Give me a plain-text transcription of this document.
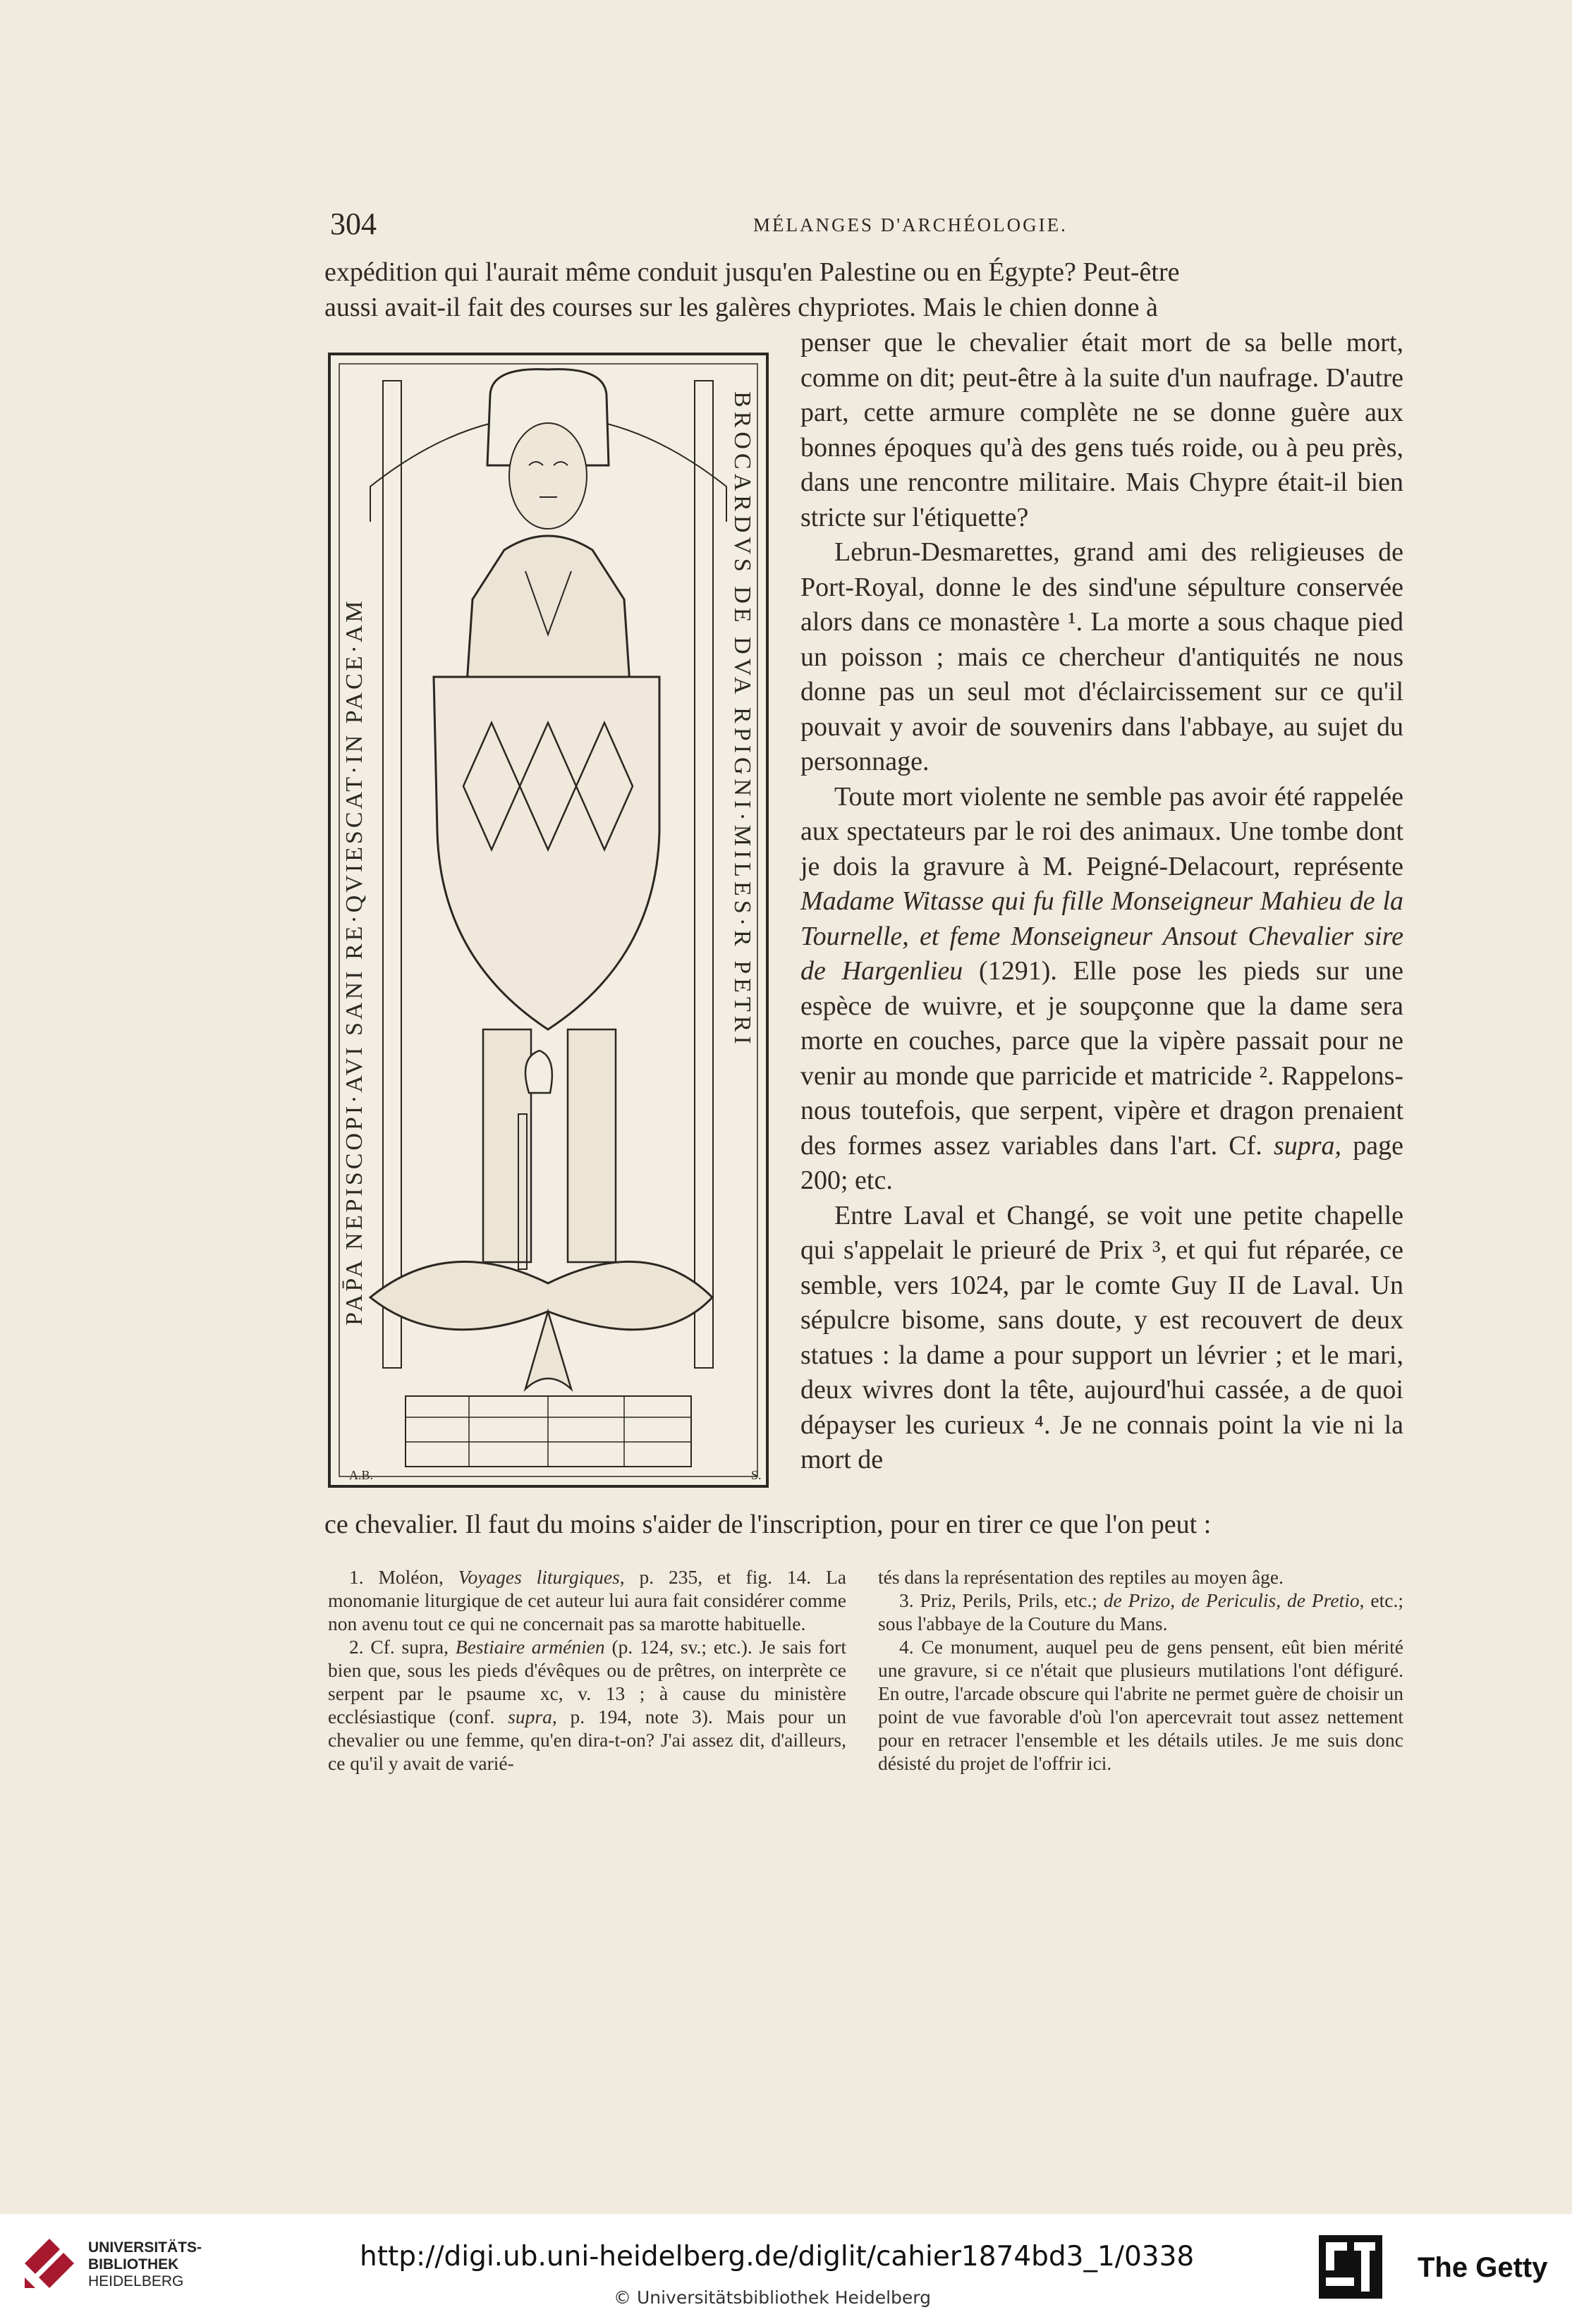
304	MÉLANGES D'ARCHÉOLOGIE.
expédition qui l'aurait même conduit jusqu'en Palestine ou en Égypte? Peut-être
aussi avait-il fait des courses sur les galères chypriotes. Mais le chien donne à
PAP̄A NEPISCOPI·AVI SANI RE·QVIESCAT·IN PACE·AM	BROCARDVS DE DVA RPIGNI·MILES·R PETRI
A.B.	S.
penser que le chevalier était mort de sa belle mort, comme on dit; peut-être à la suite d'un naufrage. D'autre part, cette armure complète ne se donne guère aux bonnes époques qu'à des gens tués roide, ou à peu près, dans une rencontre militaire. Mais Chypre était-il bien stricte sur l'étiquette?
Lebrun-Desmarettes, grand ami des religieuses de Port-Royal, donne le des sind'une sépulture conservée alors dans ce monastère ¹. La morte a sous chaque pied un poisson ; mais ce chercheur d'antiquités ne nous donne pas un seul mot d'éclaircissement sur ce qu'il pouvait y avoir de souvenirs dans l'abbaye, au sujet du personnage.
Toute mort violente ne semble pas avoir été rappelée aux spectateurs par le roi des animaux. Une tombe dont je dois la gravure à M. Peigné-Delacourt, représente Madame Witasse qui fu fille Monseigneur Mahieu de la Tournelle, et feme Monseigneur Ansout Chevalier sire de Hargenlieu (1291). Elle pose les pieds sur une espèce de wuivre, et je soupçonne que la dame sera morte en couches, parce que la vipère passait pour ne venir au monde que parricide et matricide ². Rappelons-nous toutefois, que serpent, vipère et dragon prenaient des formes assez variables dans l'art. Cf. supra, page 200; etc.
Entre Laval et Changé, se voit une petite chapelle qui s'appelait le prieuré de Prix ³, et qui fut réparée, ce semble, vers 1024, par le comte Guy II de Laval. Un sépulcre bisome, sans doute, y est recouvert de deux statues : la dame a pour support un lévrier ; et le mari, deux wivres dont la tête, aujourd'hui cassée, a de quoi dépayser les curieux ⁴. Je ne connais point la vie ni la mort de
ce chevalier. Il faut du moins s'aider de l'inscription, pour en tirer ce que l'on peut :

1. Moléon, Voyages liturgiques, p. 235, et fig. 14. La monomanie liturgique de cet auteur lui aura fait considérer comme non avenu tout ce qui ne concernait pas sa marotte habituelle.

2. Cf. supra, Bestiaire arménien (p. 124, sv.; etc.). Je sais fort bien que, sous les pieds d'évêques ou de prêtres, on interprète ce serpent par le psaume xc, v. 13 ; à cause du ministère ecclésiastique (conf. supra, p. 194, note 3). Mais pour un chevalier ou une femme, qu'en dira-t-on? J'ai assez dit, d'ailleurs, ce qu'il y avait de varié-

tés dans la représentation des reptiles au moyen âge.

3. Priz, Perils, Prils, etc.; de Prizo, de Periculis, de Pretio, etc.; sous l'abbaye de la Couture du Mans.

4. Ce monument, auquel peu de gens pensent, eût bien mérité une gravure, si ce n'était que plusieurs mutilations l'ont défiguré. En outre, l'arcade obscure qui l'abrite ne permet guère de choisir un point de vue favorable d'où l'on apercevrait tout assez nettement pour en retracer l'ensemble et les détails utiles. Je me suis donc désisté du projet de l'offrir ici.

UNIVERSITÄTS-
BIBLIOTHEK
HEIDELBERG
http://digi.ub.uni-heidelberg.de/diglit/cahier1874bd3_1/0338
© Universitätsbibliothek Heidelberg
The Getty
